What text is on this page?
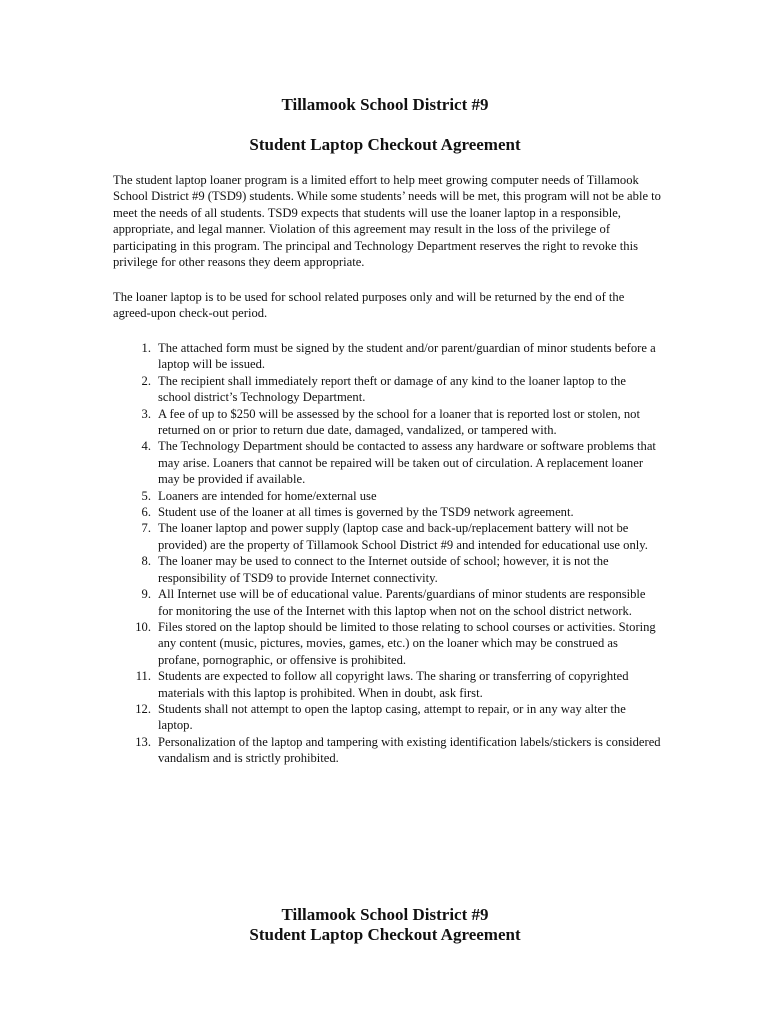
Tillamook School District #9
Student Laptop Checkout Agreement

The student laptop loaner program is a limited effort to help meet growing computer needs of Tillamook School District #9 (TSD9) students. While some students’ needs will be met, this program will not be able to meet the needs of all students. TSD9 expects that students will use the loaner laptop in a responsible, appropriate, and legal manner. Violation of this agreement may result in the loss of the privilege of participating in this program. The principal and Technology Department reserves the right to revoke this privilege for other reasons they deem appropriate.

The loaner laptop is to be used for school related purposes only and will be returned by the end of the agreed-upon check-out period.

1. The attached form must be signed by the student and/or parent/guardian of minor students before a laptop will be issued.
2. The recipient shall immediately report theft or damage of any kind to the loaner laptop to the school district’s Technology Department.
3. A fee of up to $250 will be assessed by the school for a loaner that is reported lost or stolen, not returned on or prior to return due date, damaged, vandalized, or tampered with.
4. The Technology Department should be contacted to assess any hardware or software problems that may arise. Loaners that cannot be repaired will be taken out of circulation. A replacement loaner may be provided if available.
5. Loaners are intended for home/external use
6. Student use of the loaner at all times is governed by the TSD9 network agreement.
7. The loaner laptop and power supply (laptop case and back-up/replacement battery will not be provided) are the property of Tillamook School District #9 and intended for educational use only.
8. The loaner may be used to connect to the Internet outside of school; however, it is not the responsibility of TSD9 to provide Internet connectivity.
9. All Internet use will be of educational value. Parents/guardians of minor students are responsible for monitoring the use of the Internet with this laptop when not on the school district network.
10. Files stored on the laptop should be limited to those relating to school courses or activities. Storing any content (music, pictures, movies, games, etc.) on the loaner which may be construed as profane, pornographic, or offensive is prohibited.
11. Students are expected to follow all copyright laws. The sharing or transferring of copyrighted materials with this laptop is prohibited. When in doubt, ask first.
12. Students shall not attempt to open the laptop casing, attempt to repair, or in any way alter the laptop.
13. Personalization of the laptop and tampering with existing identification labels/stickers is considered vandalism and is strictly prohibited.
Tillamook School District #9
Student Laptop Checkout Agreement
